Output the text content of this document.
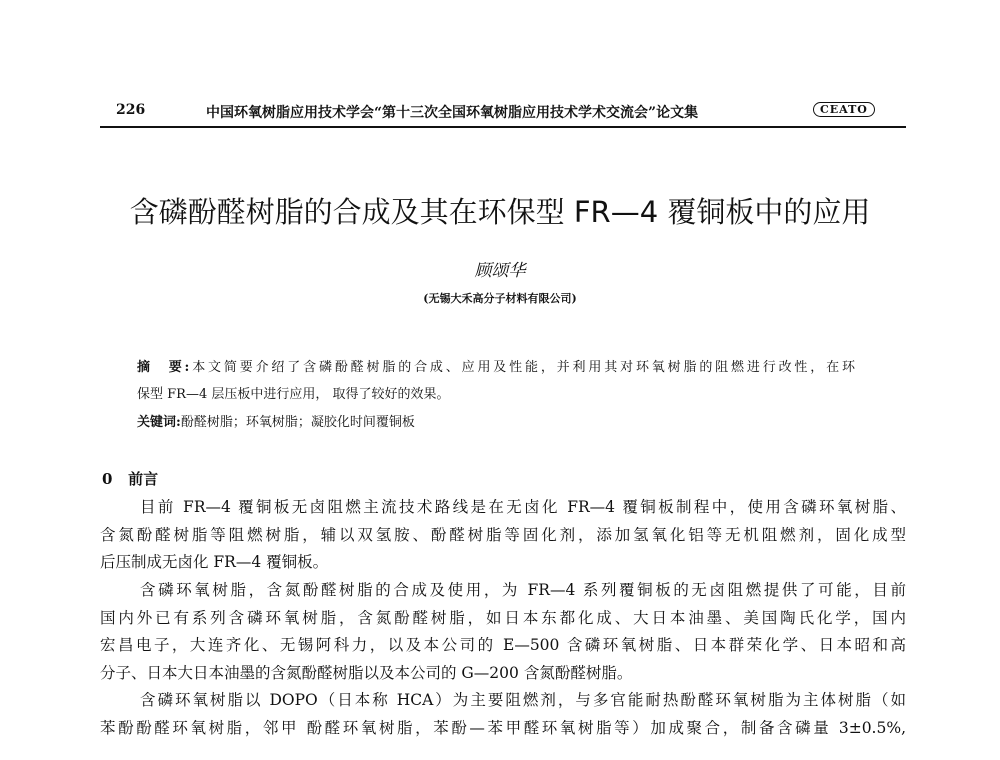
226	中国环氧树脂应用技术学会“第十三次全国环氧树脂应用技术学术交流会”论文集	CEATO
含磷酚醛树脂的合成及其在环保型 FR—4 覆铜板中的应用
顾颂华
(无锡大禾高分子材料有限公司)
摘　要:本文简要介绍了含磷酚醛树脂的合成、应用及性能，并利用其对环氧树脂的阻燃进行改性，在环
保型 FR—4 层压板中进行应用， 取得了较好的效果。
关键词:酚醛树脂；环氧树脂；凝胶化时间覆铜板
0 前言
目前 FR—4 覆铜板无卤阻燃主流技术路线是在无卤化 FR—4 覆铜板制程中，使用含磷环氧树脂、
含氮酚醛树脂等阻燃树脂，辅以双氢胺、酚醛树脂等固化剂，添加氢氧化铝等无机阻燃剂，固化成型
后压制成无卤化 FR—4 覆铜板。
含磷环氧树脂，含氮酚醛树脂的合成及使用，为 FR—4 系列覆铜板的无卤阻燃提供了可能，目前
国内外已有系列含磷环氧树脂，含氮酚醛树脂，如日本东都化成、大日本油墨、美国陶氏化学，国内
宏昌电子，大连齐化、无锡阿科力，以及本公司的 E—500 含磷环氧树脂、日本群荣化学、日本昭和高
分子、日本大日本油墨的含氮酚醛树脂以及本公司的 G—200 含氮酚醛树脂。
含磷环氧树脂以 DOPO（日本称 HCA）为主要阻燃剂，与多官能耐热酚醛环氧树脂为主体树脂（如
苯酚酚醛环氧树脂，邻甲 酚醛环氧树脂，苯酚—苯甲醛环氧树脂等）加成聚合，制备含磷量 3±0.5%,
